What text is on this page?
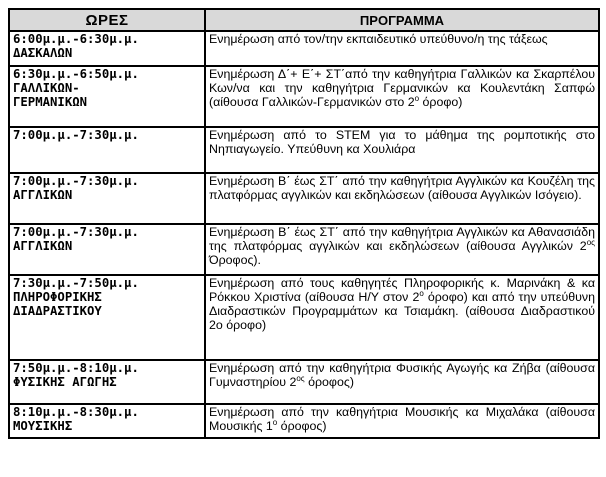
ΩΡΕΣ	ΠΡΟΓΡΑΜΜΑ

6:00μ.μ.-6:30μ.μ.
ΔΑΣΚΑΛΩΝ	Ενημέρωση από τον/την εκπαιδευτικό υπεύθυνο/η της τάξεως

6:30μ.μ.-6:50μ.μ.
ΓΑΛΛΙΚΩΝ-
ΓΕΡΜΑΝΙΚΩΝ	Ενημέρωση Δ΄+ Ε΄+ ΣΤ΄από την καθηγήτρια Γαλλικών κα Σκαρπέλου Κων/να και την καθηγήτρια Γερμανικών κα Κουλεντάκη Σαπφώ (αίθουσα Γαλλικών-Γερμανικών στο $2^o$ όροφο)

7:00μ.μ.-7:30μ.μ.	Ενημέρωση από το STEM για το μάθημα της ρομποτικής στο Νηπιαγωγείο. Υπεύθυνη κα Χουλιάρα

7:00μ.μ.-7:30μ.μ.
ΑΓΓΛΙΚΩΝ	Ενημέρωση Β΄ έως ΣΤ΄ από την καθηγήτρια Αγγλικών κα Κουζέλη της πλατφόρμας αγγλικών και εκδηλώσεων (αίθουσα Αγγλικών Ισόγειο).

7:00μ.μ.-7:30μ.μ.
ΑΓΓΛΙΚΩΝ	Ενημέρωση Β΄ έως ΣΤ΄ από την καθηγήτρια Αγγλικών κα Αθανασιάδη της πλατφόρμας αγγλικών και εκδηλώσεων (αίθουσα Αγγλικών $2^{o\varsigma}$ Όροφος).

7:30μ.μ.-7:50μ.μ.
ΠΛΗΡΟΦΟΡΙΚΗΣ
ΔΙΑΔΡΑΣΤΙΚΟΥ	Ενημέρωση από τους καθηγητές Πληροφορικής κ. Μαρινάκη & κα Ρόκκου Χριστίνα (αίθουσα Η/Υ στον $2^o$ όροφο) και από την υπεύθυνη Διαδραστικών Προγραμμάτων κα Τσιαμάκη. (αίθουσα Διαδραστικού 2ο όροφο)

7:50μ.μ.-8:10μ.μ.
ΦΥΣΙΚΗΣ ΑΓΩΓΗΣ	Ενημέρωση από την καθηγήτρια Φυσικής Αγωγής κα Ζήβα (αίθουσα Γυμναστηρίου $2^{o\varsigma}$ όροφος)

8:10μ.μ.-8:30μ.μ.
ΜΟΥΣΙΚΗΣ	Ενημέρωση από την καθηγήτρια Μουσικής κα Μιχαλάκα (αίθουσα Μουσικής $1^o$ όροφος)
